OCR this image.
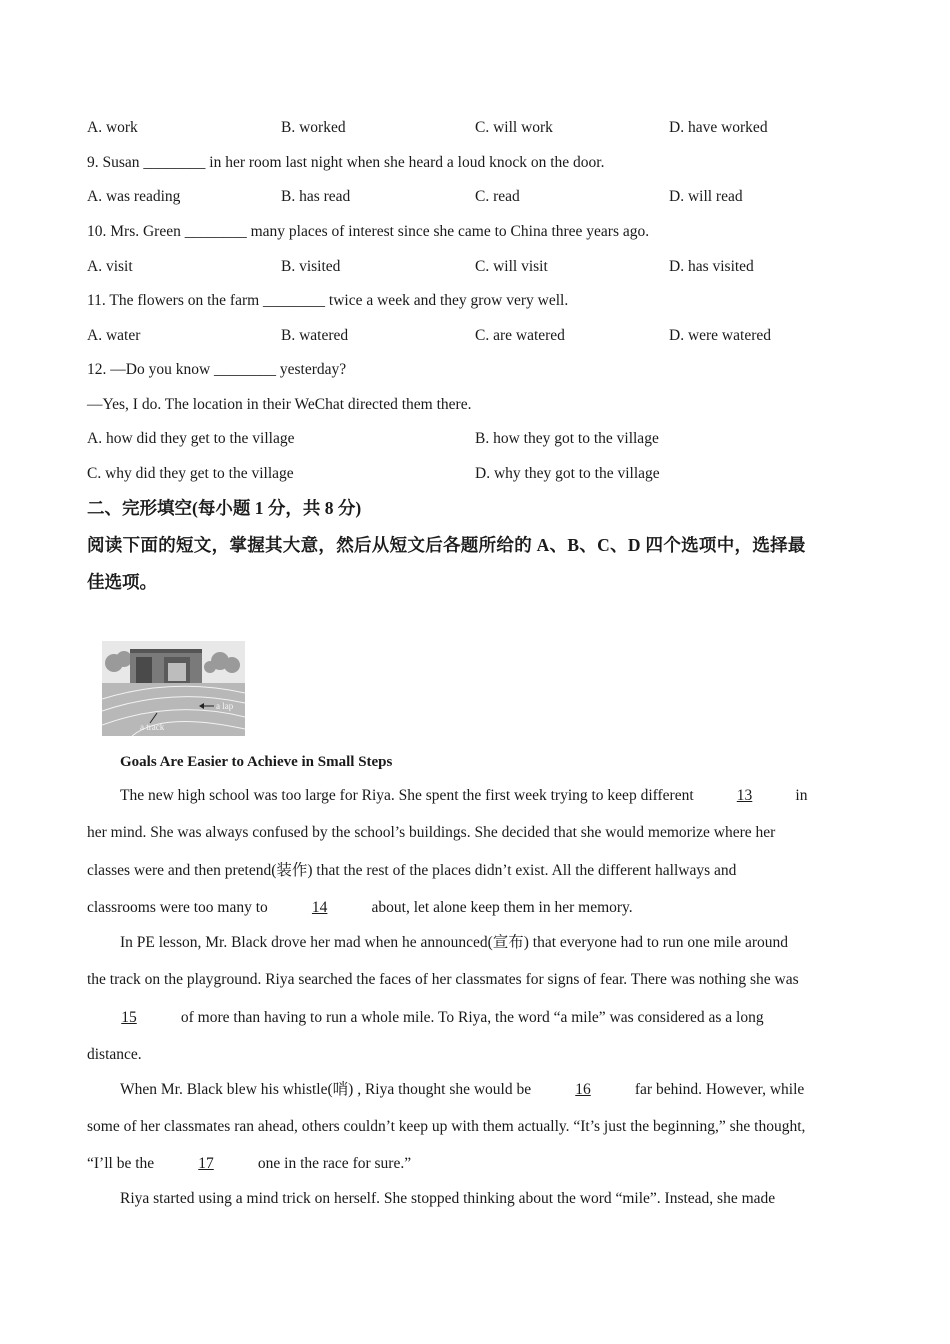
A. work	B. worked	C. will work	D. have worked
9. Susan ________ in her room last night when she heard a loud knock on the door.
A. was reading	B. has read	C. read	D. will read
10. Mrs. Green ________ many places of interest since she came to China three years ago.
A. visit	B. visited	C. will visit	D. has visited
11. The flowers on the farm ________ twice a week and they grow very well.
A. water	B. watered	C. are watered	D. were watered
12. —Do you know ________ yesterday?
—Yes, I do. The location in their WeChat directed them there.
A. how did they get to the village	B. how they got to the village
C. why did they get to the village	D. why they got to the village
二、完形填空(每小题 1 分，共 8 分)
阅读下面的短文，掌握其大意，然后从短文后各题所给的 A、B、C、D 四个选项中，选择最
佳选项。
a track
a lap
Goals Are Easier to Achieve in Small Steps
The new high school was too large for Riya. She spent the first week trying to keep different	13	in
her mind. She was always confused by the school’s buildings. She decided that she would memorize where her
classes were and then pretend(装作) that the rest of the places didn’t exist. All the different hallways and
classrooms were too many to	14	about, let alone keep them in her memory.
In PE lesson, Mr. Black drove her mad when he announced(宣布) that everyone had to run one mile around
the track on the playground. Riya searched the faces of her classmates for signs of fear. There was nothing she was
15	of more than having to run a whole mile. To Riya, the word “a mile” was considered as a long
distance.
When Mr. Black blew his whistle(哨) , Riya thought she would be	16	far behind. However, while
some of her classmates ran ahead, others couldn’t keep up with them actually. “It’s just the beginning,” she thought,
“I’ll be the	17	one in the race for sure.”
Riya started using a mind trick on herself. She stopped thinking about the word “mile”. Instead, she made
